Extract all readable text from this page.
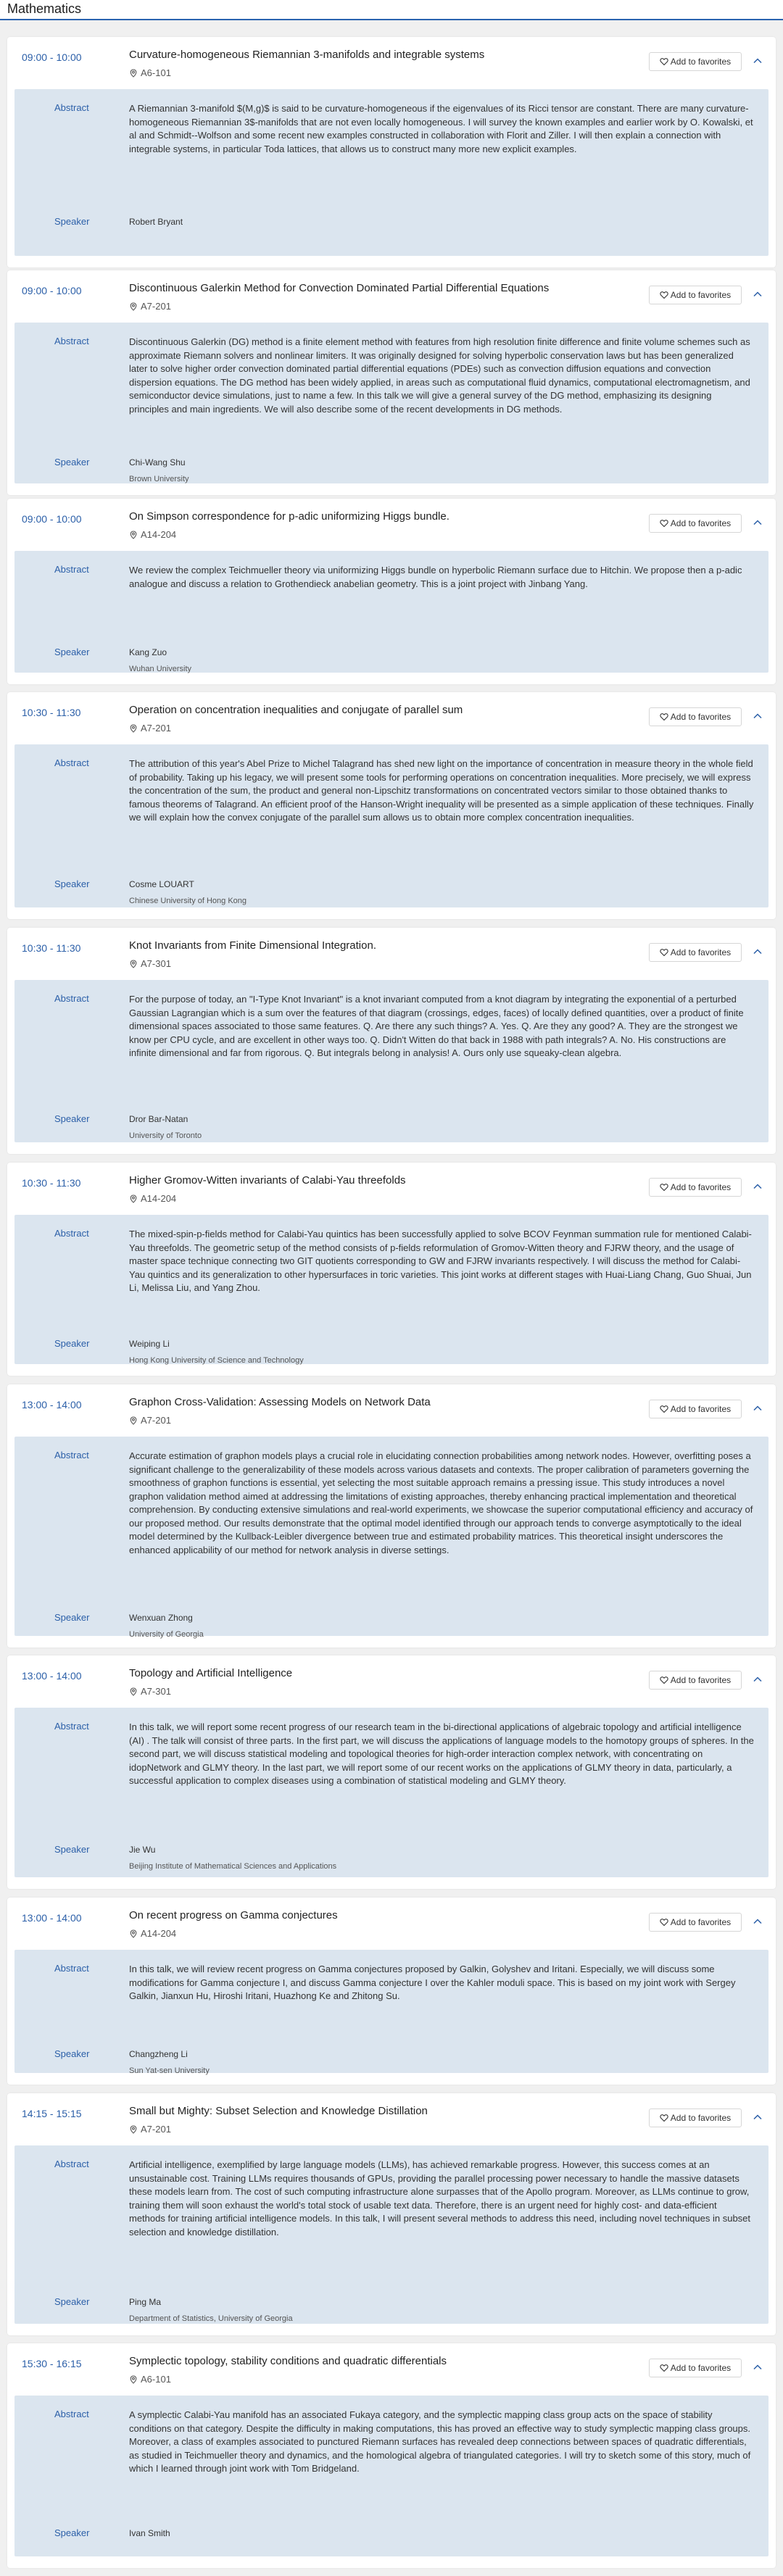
Mathematics
09:00 - 10:00	Curvature-homogeneous Riemannian 3-manifolds and integrable systems
A6-101
Add to favorites
Abstract	A Riemannian 3-manifold $(M,g)$ is said to be curvature-homogeneous if the eigenvalues of its Ricci tensor are constant. There are many curvature-homogeneous Riemannian 3$-manifolds that are not even locally homogeneous. I will survey the known examples and earlier work by O. Kowalski, et al and Schmidt--Wolfson and some recent new examples constructed in collaboration with Florit and Ziller. I will then explain a connection with integrable systems, in particular Toda lattices, that allows us to construct many more new explicit examples.
Speaker	Robert Bryant
09:00 - 10:00	Discontinuous Galerkin Method for Convection Dominated Partial Differential Equations
A7-201
Add to favorites
Abstract	Discontinuous Galerkin (DG) method is a finite element method with features from high resolution finite difference and finite volume schemes such as approximate Riemann solvers and nonlinear limiters. It was originally designed for solving hyperbolic conservation laws but has been generalized later to solve higher order convection dominated partial differential equations (PDEs) such as convection diffusion equations and convection dispersion equations. The DG method has been widely applied, in areas such as computational fluid dynamics, computational electromagnetism, and semiconductor device simulations, just to name a few. In this talk we will give a general survey of the DG method, emphasizing its designing principles and main ingredients. We will also describe some of the recent developments in DG methods.
Speaker	Chi-Wang Shu
Brown University
09:00 - 10:00	On Simpson correspondence for p-adic uniformizing Higgs bundle.
A14-204
Add to favorites
Abstract	We review the complex Teichmueller theory via uniformizing Higgs bundle on hyperbolic Riemann surface due to Hitchin. We propose then a p-adic analogue and discuss a relation to Grothendieck anabelian geometry. This is a joint project with Jinbang Yang.
Speaker	Kang Zuo
Wuhan University
10:30 - 11:30	Operation on concentration inequalities and conjugate of parallel sum
A7-201
Add to favorites
Abstract	The attribution of this year's Abel Prize to Michel Talagrand has shed new light on the importance of concentration in measure theory in the whole field of probability. Taking up his legacy, we will present some tools for performing operations on concentration inequalities. More precisely, we will express the concentration of the sum, the product and general non-Lipschitz transformations on concentrated vectors similar to those obtained thanks to famous theorems of Talagrand. An efficient proof of the Hanson-Wright inequality will be presented as a simple application of these techniques. Finally we will explain how the convex conjugate of the parallel sum allows us to obtain more complex concentration inequalities.
Speaker	Cosme LOUART
Chinese University of Hong Kong
10:30 - 11:30	Knot Invariants from Finite Dimensional Integration.
A7-301
Add to favorites
Abstract	For the purpose of today, an "I-Type Knot Invariant" is a knot invariant computed from a knot diagram by integrating the exponential of a perturbed Gaussian Lagrangian which is a sum over the features of that diagram (crossings, edges, faces) of locally defined quantities, over a product of finite dimensional spaces associated to those same features. Q. Are there any such things? A. Yes. Q. Are they any good? A. They are the strongest we know per CPU cycle, and are excellent in other ways too. Q. Didn't Witten do that back in 1988 with path integrals? A. No. His constructions are infinite dimensional and far from rigorous. Q. But integrals belong in analysis! A. Ours only use squeaky-clean algebra.
Speaker	Dror Bar-Natan
University of Toronto
10:30 - 11:30	Higher Gromov-Witten invariants of Calabi-Yau threefolds
A14-204
Add to favorites
Abstract	The mixed-spin-p-fields method for Calabi-Yau quintics has been successfully applied to solve BCOV Feynman summation rule for mentioned Calabi-Yau threefolds. The geometric setup of the method consists of p-fields reformulation of Gromov-Witten theory and FJRW theory, and the usage of master space technique connecting two GIT quotients corresponding to GW and FJRW invariants respectively. I will discuss the method for Calabi-Yau quintics and its generalization to other hypersurfaces in toric varieties. This joint works at different stages with Huai-Liang Chang, Guo Shuai, Jun Li, Melissa Liu, and Yang Zhou.
Speaker	Weiping Li
Hong Kong University of Science and Technology
13:00 - 14:00	Graphon Cross-Validation: Assessing Models on Network Data
A7-201
Add to favorites
Abstract	Accurate estimation of graphon models plays a crucial role in elucidating connection probabilities among network nodes. However, overfitting poses a significant challenge to the generalizability of these models across various datasets and contexts. The proper calibration of parameters governing the smoothness of graphon functions is essential, yet selecting the most suitable approach remains a pressing issue. This study introduces a novel graphon validation method aimed at addressing the limitations of existing approaches, thereby enhancing practical implementation and theoretical comprehension. By conducting extensive simulations and real-world experiments, we showcase the superior computational efficiency and accuracy of our proposed method. Our results demonstrate that the optimal model identified through our approach tends to converge asymptotically to the ideal model determined by the Kullback-Leibler divergence between true and estimated probability matrices. This theoretical insight underscores the enhanced applicability of our method for network analysis in diverse settings.
Speaker	Wenxuan Zhong
University of Georgia
13:00 - 14:00	Topology and Artificial Intelligence
A7-301
Add to favorites
Abstract	In this talk, we will report some recent progress of our research team in the bi-directional applications of algebraic topology and artificial intelligence (AI) . The talk will consist of three parts. In the first part, we will discuss the applications of language models to the homotopy groups of spheres. In the second part, we will discuss statistical modeling and topological theories for high-order interaction complex network, with concentrating on idopNetwork and GLMY theory. In the last part, we will report some of our recent works on the applications of GLMY theory in data, particularly, a successful application to complex diseases using a combination of statistical modeling and GLMY theory.
Speaker	Jie Wu
Beijing Institute of Mathematical Sciences and Applications
13:00 - 14:00	On recent progress on Gamma conjectures
A14-204
Add to favorites
Abstract	In this talk, we will review recent progress on Gamma conjectures proposed by Galkin, Golyshev and Iritani. Especially, we will discuss some modifications for Gamma conjecture I, and discuss Gamma conjecture I over the Kahler moduli space. This is based on my joint work with Sergey Galkin, Jianxun Hu, Hiroshi Iritani, Huazhong Ke and Zhitong Su.
Speaker	Changzheng Li
Sun Yat-sen University
14:15 - 15:15	Small but Mighty: Subset Selection and Knowledge Distillation
A7-201
Add to favorites
Abstract	Artificial intelligence, exemplified by large language models (LLMs), has achieved remarkable progress. However, this success comes at an unsustainable cost. Training LLMs requires thousands of GPUs, providing the parallel processing power necessary to handle the massive datasets these models learn from. The cost of such computing infrastructure alone surpasses that of the Apollo program. Moreover, as LLMs continue to grow, training them will soon exhaust the world's total stock of usable text data. Therefore, there is an urgent need for highly cost- and data-efficient methods for training artificial intelligence models. In this talk, I will present several methods to address this need, including novel techniques in subset selection and knowledge distillation.
Speaker	Ping Ma
Department of Statistics, University of Georgia
15:30 - 16:15	Symplectic topology, stability conditions and quadratic differentials
A6-101
Add to favorites
Abstract	A symplectic Calabi-Yau manifold has an associated Fukaya category, and the symplectic mapping class group acts on the space of stability conditions on that category. Despite the difficulty in making computations, this has proved an effective way to study symplectic mapping class groups. Moreover, a class of examples associated to punctured Riemann surfaces has revealed deep connections between spaces of quadratic differentials, as studied in Teichmueller theory and dynamics, and the homological algebra of triangulated categories. I will try to sketch some of this story, much of which I learned through joint work with Tom Bridgeland.
Speaker	Ivan Smith
